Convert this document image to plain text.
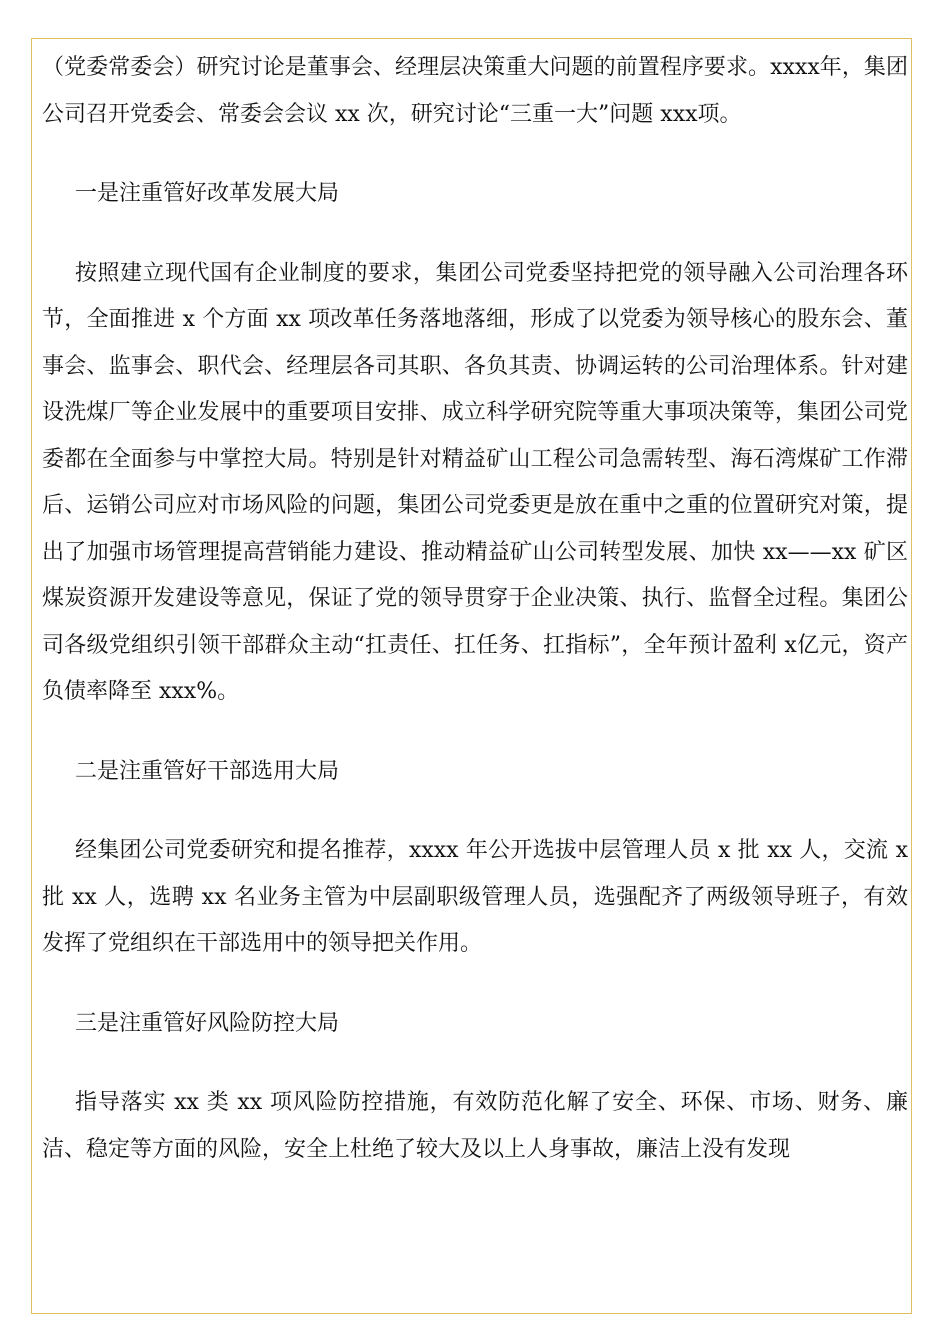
（党委常委会）研究讨论是董事会、经理层决策重大问题的前置程序要求。xxxx年，集团公司召开党委会、常委会会议 xx 次，研究讨论“三重一大”问题 xxx项。

一是注重管好改革发展大局

按照建立现代国有企业制度的要求，集团公司党委坚持把党的领导融入公司治理各环节，全面推进 x 个方面 xx 项改革任务落地落细，形成了以党委为领导核心的股东会、董事会、监事会、职代会、经理层各司其职、各负其责、协调运转的公司治理体系。针对建设洗煤厂等企业发展中的重要项目安排、成立科学研究院等重大事项决策等，集团公司党委都在全面参与中掌控大局。特别是针对精益矿山工程公司急需转型、海石湾煤矿工作滞后、运销公司应对市场风险的问题，集团公司党委更是放在重中之重的位置研究对策，提出了加强市场管理提高营销能力建设、推动精益矿山公司转型发展、加快 xx——xx 矿区煤炭资源开发建设等意见，保证了党的领导贯穿于企业决策、执行、监督全过程。集团公司各级党组织引领干部群众主动“扛责任、扛任务、扛指标”，全年预计盈利 x亿元，资产负债率降至 xxx%。

二是注重管好干部选用大局

经集团公司党委研究和提名推荐，xxxx 年公开选拔中层管理人员 x 批 xx 人，交流 x 批 xx 人，选聘 xx 名业务主管为中层副职级管理人员，选强配齐了两级领导班子，有效发挥了党组织在干部选用中的领导把关作用。

三是注重管好风险防控大局

指导落实 xx 类 xx 项风险防控措施，有效防范化解了安全、环保、市场、财务、廉洁、稳定等方面的风险，安全上杜绝了较大及以上人身事故，廉洁上没有发现
